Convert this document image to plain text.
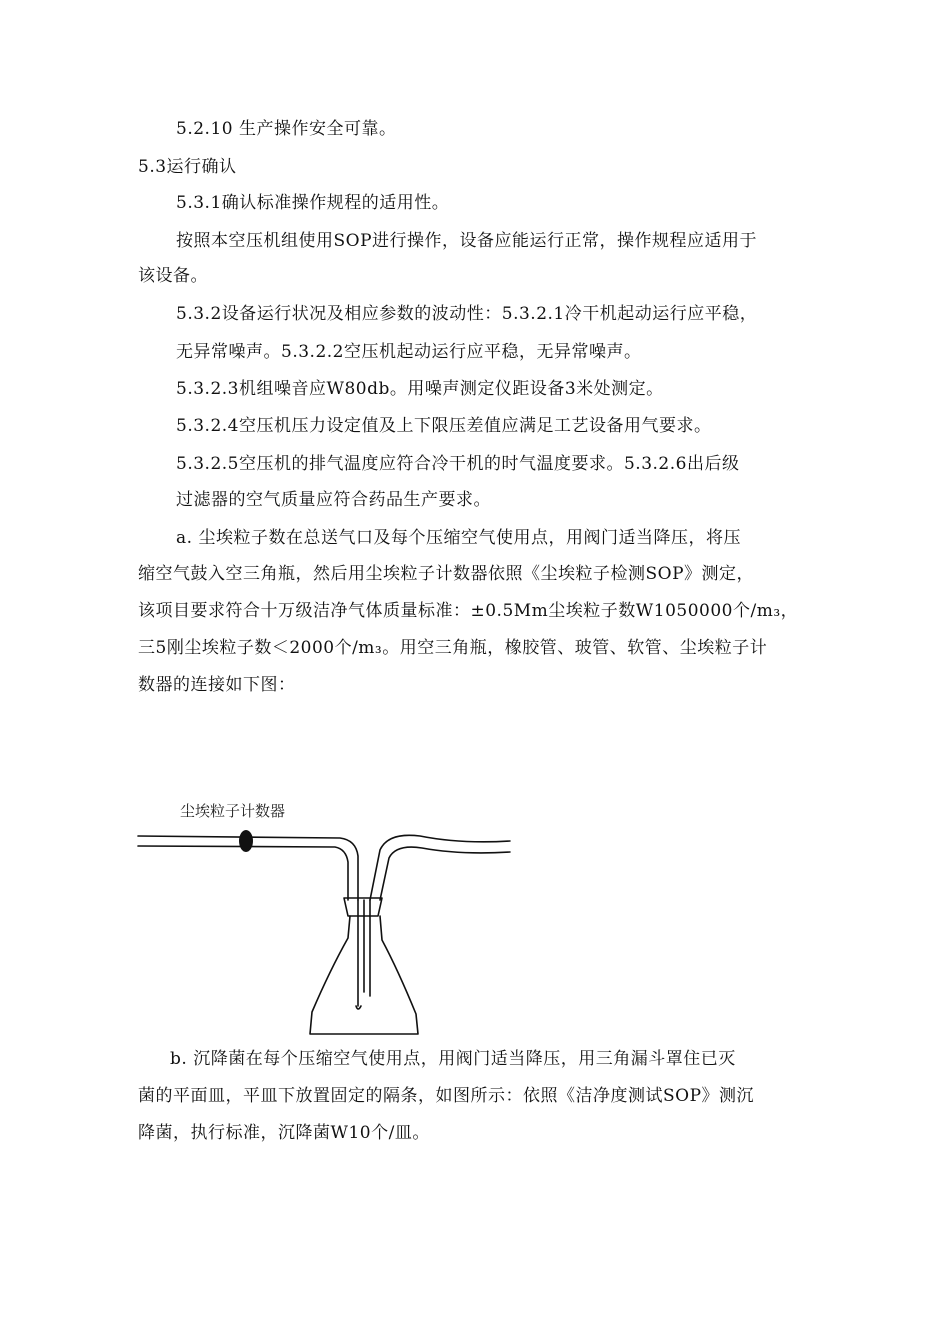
5.2.10 生产操作安全可靠。
5.3运行确认
5.3.1确认标准操作规程的适用性。
按照本空压机组使用SOP进行操作，设备应能运行正常，操作规程应适用于
该设备。
5.3.2设备运行状况及相应参数的波动性：5.3.2.1冷干机起动运行应平稳，
无异常噪声。5.3.2.2空压机起动运行应平稳，无异常噪声。
5.3.2.3机组噪音应W80db。用噪声测定仪距设备3米处测定。
5.3.2.4空压机压力设定值及上下限压差值应满足工艺设备用气要求。
5.3.2.5空压机的排气温度应符合冷干机的时气温度要求。5.3.2.6出后级
过滤器的空气质量应符合药品生产要求。
a. 尘埃粒子数在总送气口及每个压缩空气使用点，用阀门适当降压，将压
缩空气鼓入空三角瓶，然后用尘埃粒子计数器依照《尘埃粒子检测SOP》测定，
该项目要求符合十万级洁净气体质量标准：±0.5Mm尘埃粒子数W1050000个/m₃，
三5刚尘埃粒子数＜2000个/m₃。用空三角瓶，橡胶管、玻管、软管、尘埃粒子计
数器的连接如下图：
尘埃粒子计数器
b. 沉降菌在每个压缩空气使用点，用阀门适当降压，用三角漏斗罩住已灭
菌的平面皿，平皿下放置固定的隔条，如图所示：依照《洁净度测试SOP》测沉
降菌，执行标准，沉降菌W10个/皿。
